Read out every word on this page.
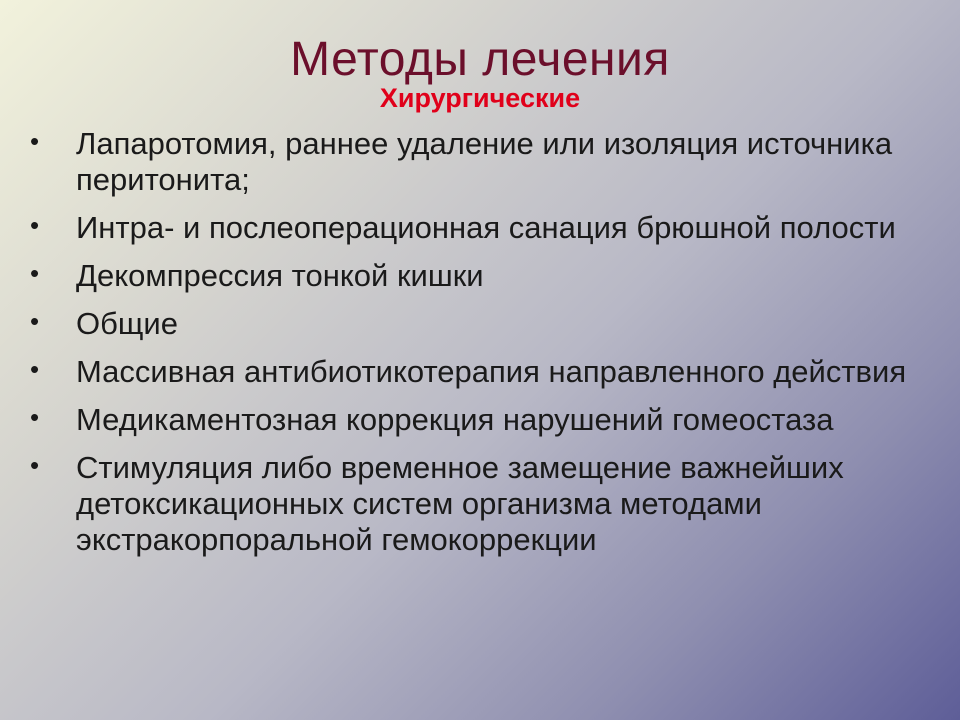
Методы лечения
Хирургические
•	Лапаротомия, раннее удаление или изоляция источника перитонита;
•	Интра- и послеоперационная санация брюшной полости
•	Декомпрессия тонкой кишки
•	Общие
•	Массивная антибиотикотерапия направленного действия
•	Медикаментозная коррекция нарушений гомеостаза
•	Стимуляция либо временное замещение важнейших детоксикационных систем организма методами экстракорпоральной гемокоррекции
